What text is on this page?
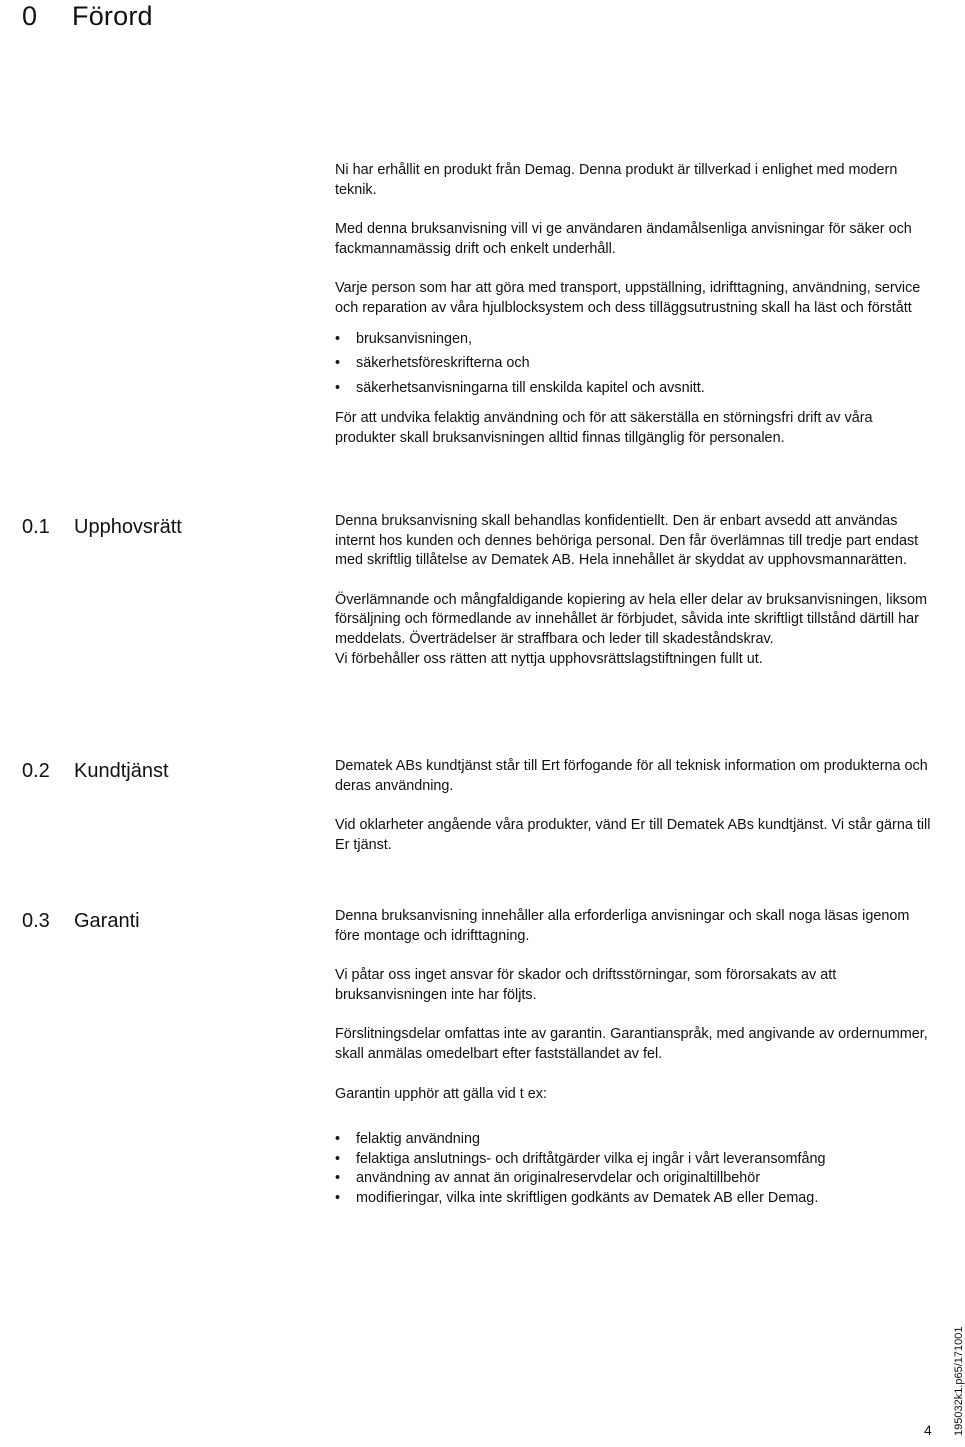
0 Förord

Ni har erhållit en produkt från Demag. Denna produkt är tillverkad i enlighet med modern teknik.

Med denna bruksanvisning vill vi ge användaren ändamålsenliga anvisningar för säker och fackmannamässig drift och enkelt underhåll.

Varje person som har att göra med transport, uppställning, idrifttagning, användning, service och reparation av våra hjulblocksystem och dess tilläggsutrustning skall ha läst och förstått

• bruksanvisningen,
• säkerhetsföreskrifterna och
• säkerhetsanvisningarna till enskilda kapitel och avsnitt.

För att undvika felaktig användning och för att säkerställa en störningsfri drift av våra produkter skall bruksanvisningen alltid finnas tillgänglig för personalen.

0.1 Upphovsrätt	Denna bruksanvisning skall behandlas konfidentiellt. Den är enbart avsedd att användas internt hos kunden och dennes behöriga personal. Den får överlämnas till tredje part endast med skriftlig tillåtelse av Dematek AB. Hela innehållet är skyddat av upphovsmannarätten.

Överlämnande och mångfaldigande kopiering av hela eller delar av bruksanvisningen, liksom försäljning och förmedlande av innehållet är förbjudet, såvida inte skriftligt tillstånd därtill har meddelats. Överträdelser är straffbara och leder till skadeståndskrav.

Vi förbehåller oss rätten att nyttja upphovsrättslagstiftningen fullt ut.

0.2 Kundtjänst	Dematek ABs kundtjänst står till Ert förfogande för all teknisk information om produkterna och deras användning.

Vid oklarheter angående våra produkter, vänd Er till Dematek ABs kundtjänst. Vi står gärna till Er tjänst.

0.3 Garanti	Denna bruksanvisning innehåller alla erforderliga anvisningar och skall noga läsas igenom före montage och idrifttagning.

Vi påtar oss inget ansvar för skador och driftsstörningar, som förorsakats av att bruksanvisningen inte har följts.

Förslitningsdelar omfattas inte av garantin. Garantianspråk, med angivande av ordernummer, skall anmälas omedelbart efter fastställandet av fel.

Garantin upphör att gälla vid t ex:

• felaktig användning
• felaktiga anslutnings- och driftåtgärder vilka ej ingår i vårt leveransomfång
• användning av annat än originalreservdelar och originaltillbehör
• modifieringar, vilka inte skriftligen godkänts av Dematek AB eller Demag.
4 195032k1.p65/171001
